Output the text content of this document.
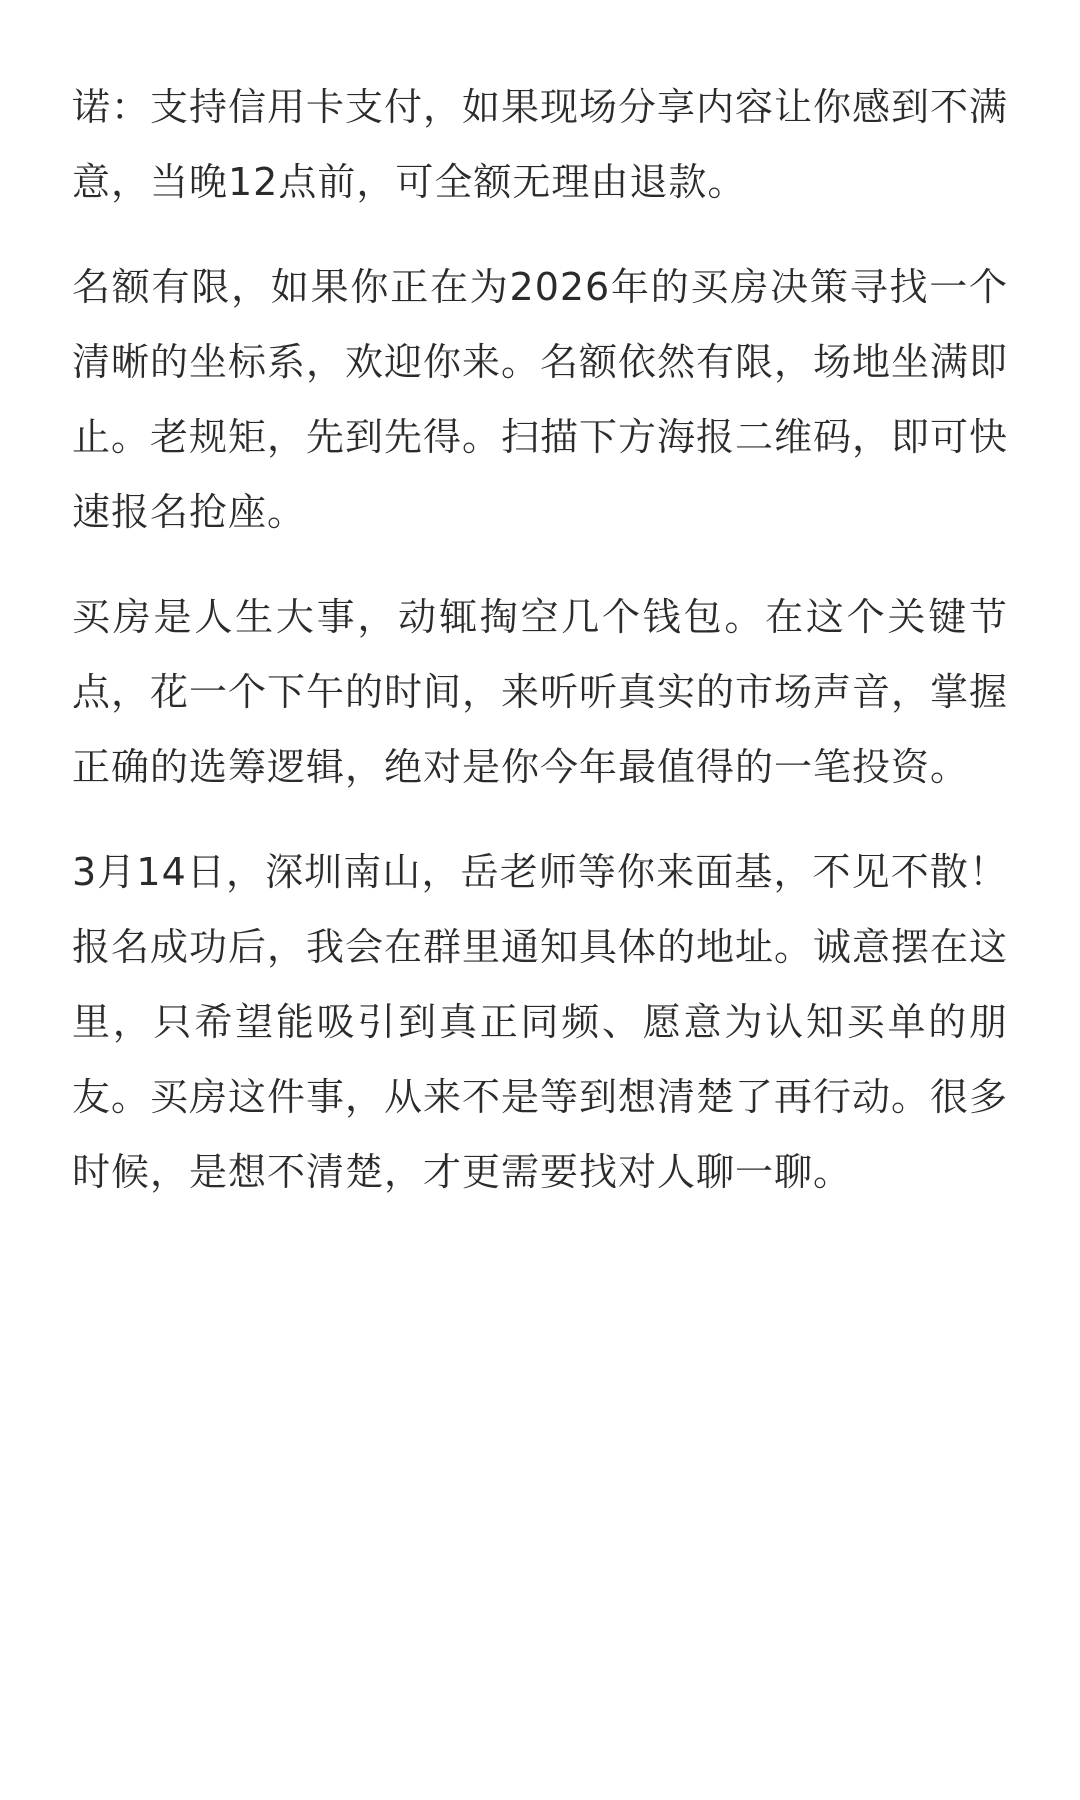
诺：支持信用卡支付，如果现场分享内容让你感到不满意，当晚12点前，可全额无理由退款。

名额有限，如果你正在为2026年的买房决策寻找一个清晰的坐标系，欢迎你来。名额依然有限，场地坐满即止。老规矩，先到先得。扫描下方海报二维码，即可快速报名抢座。

买房是人生大事，动辄掏空几个钱包。在这个关键节点，花一个下午的时间，来听听真实的市场声音，掌握正确的选筹逻辑，绝对是你今年最值得的一笔投资。

3月14日，深圳南山，岳老师等你来面基，不见不散！报名成功后，我会在群里通知具体的地址。诚意摆在这里，只希望能吸引到真正同频、愿意为认知买单的朋友。买房这件事，从来不是等到想清楚了再行动。很多时候，是想不清楚，才更需要找对人聊一聊。
